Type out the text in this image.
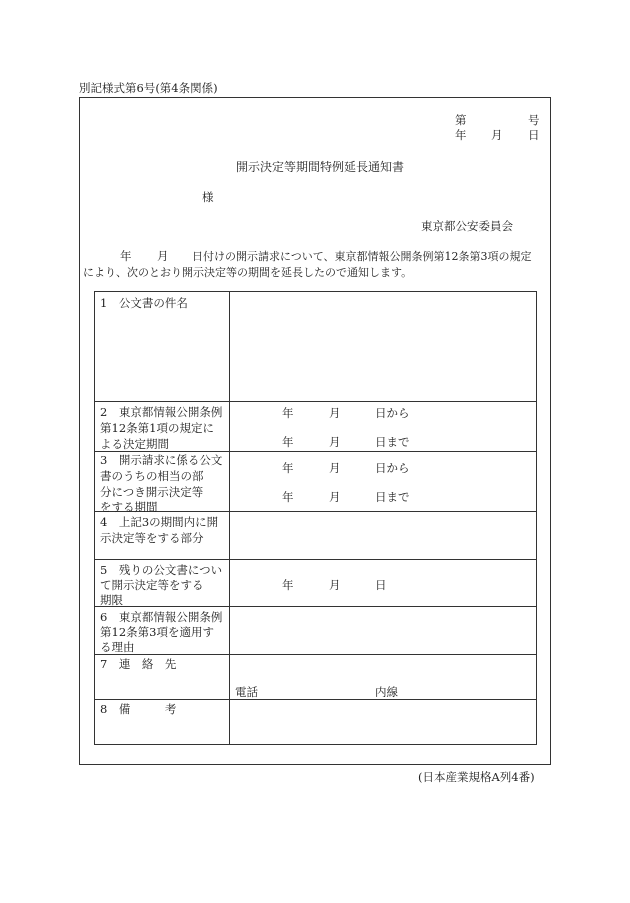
別記様式第6号(第4条関係)
第	号
年 月 日
開示決定等期間特例延長通知書
様
東京都公安委員会
年 月 日付けの開示請求について、東京都情報公開条例第12条第3項の規定
により、次のとおり開示決定等の期間を延長したので通知します。
1　公文書の件名
2　東京都情報公開条例
第12条第1項の規定に
よる決定期間
年	月	日から
年	月	日まで
3　開示請求に係る公文
書のうちの相当の部
分につき開示決定等
をする期間
年	月	日から
年	月	日まで
4　上記3の期間内に開
示決定等をする部分
5　残りの公文書につい
て開示決定等をする
期限
年	月	日
6　東京都情報公開条例
第12条第3項を適用す
る理由
7　連　絡　先
電話	内線
8　備　　　考
(日本産業規格A列4番)
